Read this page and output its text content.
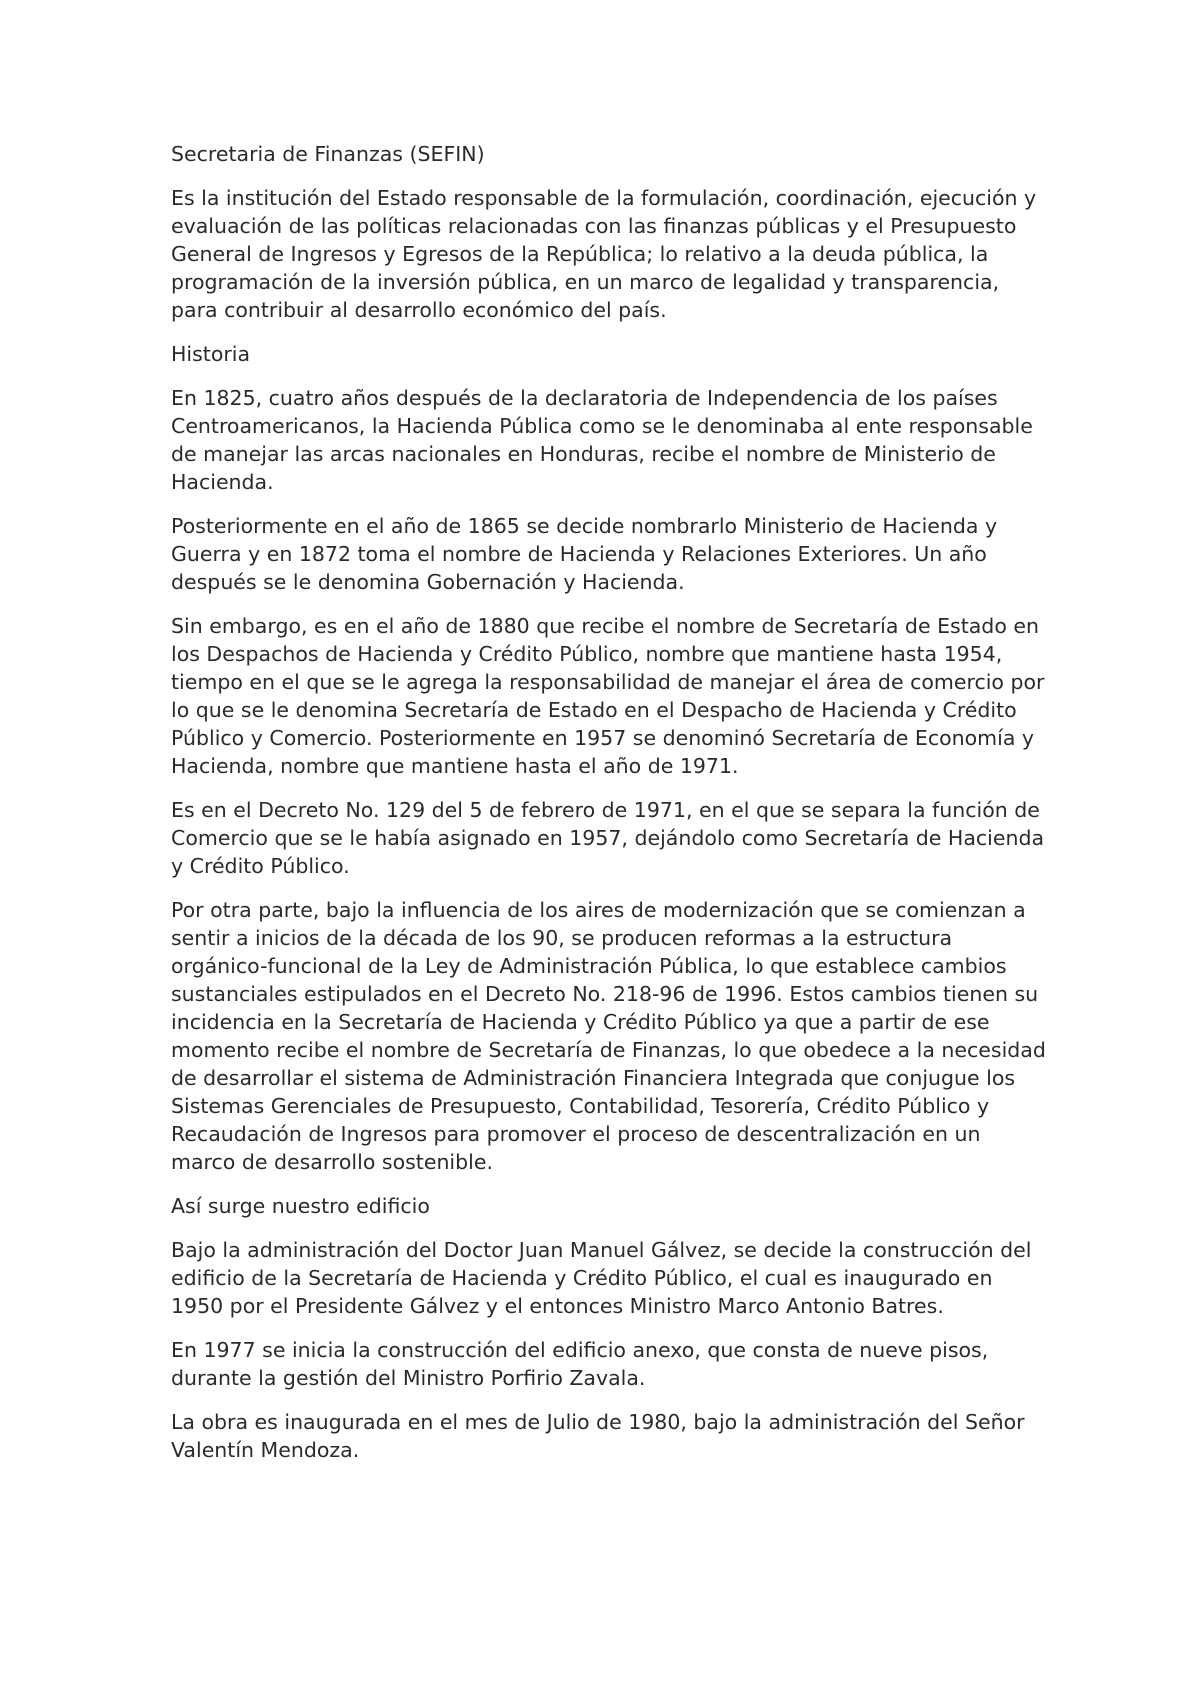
Secretaria de Finanzas (SEFIN)

Es la institución del Estado responsable de la formulación, coordinación, ejecución y evaluación de las políticas relacionadas con las finanzas públicas y el Presupuesto General de Ingresos y Egresos de la República; lo relativo a la deuda pública, la programación de la inversión pública, en un marco de legalidad y transparencia, para contribuir al desarrollo económico del país.

Historia

En 1825, cuatro años después de la declaratoria de Independencia de los países Centroamericanos, la Hacienda Pública como se le denominaba al ente responsable de manejar las arcas nacionales en Honduras, recibe el nombre de Ministerio de Hacienda.

Posteriormente en el año de 1865 se decide nombrarlo Ministerio de Hacienda y Guerra y en 1872 toma el nombre de Hacienda y Relaciones Exteriores. Un año después se le denomina Gobernación y Hacienda.

Sin embargo, es en el año de 1880 que recibe el nombre de Secretaría de Estado en los Despachos de Hacienda y Crédito Público, nombre que mantiene hasta 1954, tiempo en el que se le agrega la responsabilidad de manejar el área de comercio por lo que se le denomina Secretaría de Estado en el Despacho de Hacienda y Crédito Público y Comercio. Posteriormente en 1957 se denominó Secretaría de Economía y Hacienda, nombre que mantiene hasta el año de 1971.

Es en el Decreto No. 129 del 5 de febrero de 1971, en el que se separa la función de Comercio que se le había asignado en 1957, dejándolo como Secretaría de Hacienda y Crédito Público.

Por otra parte, bajo la influencia de los aires de modernización que se comienzan a sentir a inicios de la década de los 90, se producen reformas a la estructura orgánico-funcional de la Ley de Administración Pública, lo que establece cambios sustanciales estipulados en el Decreto No. 218-96 de 1996. Estos cambios tienen su incidencia en la Secretaría de Hacienda y Crédito Público ya que a partir de ese momento recibe el nombre de Secretaría de Finanzas, lo que obedece a la necesidad de desarrollar el sistema de Administración Financiera Integrada que conjugue los Sistemas Gerenciales de Presupuesto, Contabilidad, Tesorería, Crédito Público y Recaudación de Ingresos para promover el proceso de descentralización en un marco de desarrollo sostenible.

Así surge nuestro edificio

Bajo la administración del Doctor Juan Manuel Gálvez, se decide la construcción del edificio de la Secretaría de Hacienda y Crédito Público, el cual es inaugurado en 1950 por el Presidente Gálvez y el entonces Ministro Marco Antonio Batres.

En 1977 se inicia la construcción del edificio anexo, que consta de nueve pisos, durante la gestión del Ministro Porfirio Zavala.

La obra es inaugurada en el mes de Julio de 1980, bajo la administración del Señor Valentín Mendoza.
